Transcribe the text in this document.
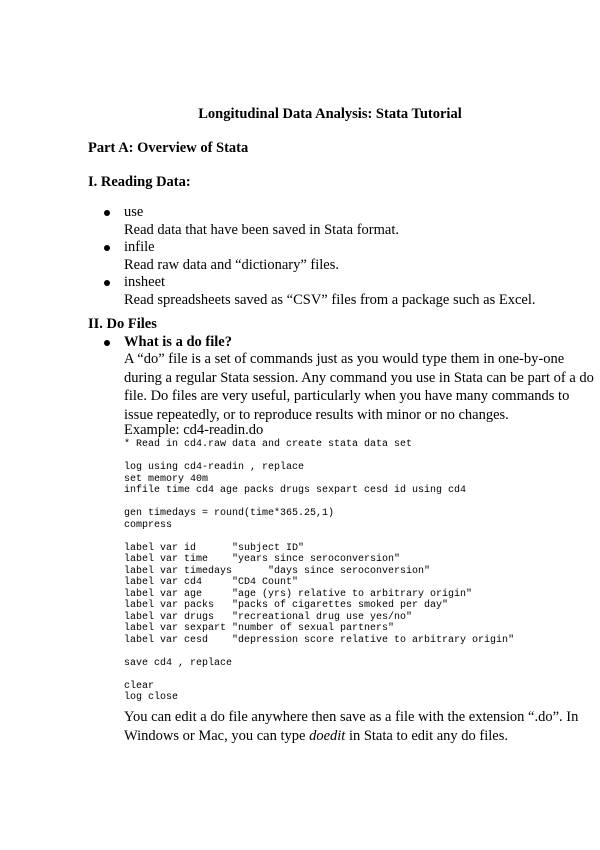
Longitudinal Data Analysis: Stata Tutorial
Part A: Overview of Stata
I. Reading Data:
use
Read data that have been saved in Stata format.
infile
Read raw data and “dictionary” files.
insheet
Read spreadsheets saved as “CSV” files from a package such as Excel.
II. Do Files
What is a do file?
A “do” file is a set of commands just as you would type them in one-by-one during a regular Stata session. Any command you use in Stata can be part of a do file. Do files are very useful, particularly when you have many commands to issue repeatedly, or to reproduce results with minor or no changes.
Example: cd4-readin.do
* Read in cd4.raw data and create stata data set

log using cd4-readin , replace
set memory 40m
infile time cd4 age packs drugs sexpart cesd id using cd4

gen timedays = round(time*365.25,1)
compress

label var id      "subject ID"
label var time    "years since seroconversion"
label var timedays      "days since seroconversion"
label var cd4     "CD4 Count"
label var age     "age (yrs) relative to arbitrary origin"
label var packs   "packs of cigarettes smoked per day"
label var drugs   "recreational drug use yes/no"
label var sexpart "number of sexual partners"
label var cesd    "depression score relative to arbitrary origin"

save cd4 , replace

clear
log close
You can edit a do file anywhere then save as a file with the extension “.do”. In Windows or Mac, you can type doedit in Stata to edit any do files.
